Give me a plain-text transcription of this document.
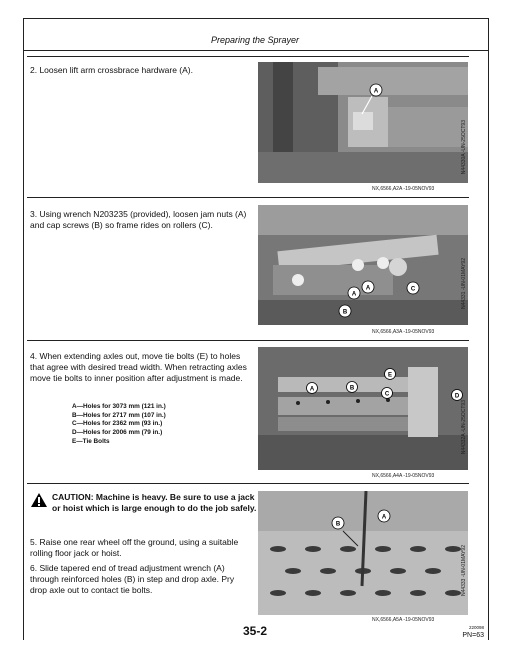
Preparing the Sprayer
2. Loosen lift arm crossbrace hardware (A).
A
N44330A -UN-25OCT93
NX,6566,A2A -19-05NOV93
3. Using wrench N203235 (provided), loosen jam nuts (A) and cap screws (B) so frame rides on rollers (C).
A
A
B
C	N44331 -UN-01MAY92
NX,6566,A3A -19-05NOV93
4. When extending axles out, move tie bolts (E) to holes that agree with desired tread width. When retracting axles move tie bolts to inner position after adjustment is made.
A—Holes for 3073 mm (121 in.)
B—Holes for 2717 mm (107 in.)
C—Holes for 2362 mm (93 in.)
D—Holes for 2006 mm (79 in.)
E—Tie Bolts
A	B
C	D
E
N44332A -UN-25OCT93
NX,6566,A4A -19-05NOV93
CAUTION: Machine is heavy. Be sure to use a jack or hoist which is large enough to do the job safely.
5. Raise one rear wheel off the ground, using a suitable rolling floor jack or hoist.
6. Slide tapered end of tread adjustment wrench (A) through reinforced holes (B) in step and drop axle. Pry drop axle out to contact tie bolts.
B
A
N44333 -UN-01MAY92
NX,6566,A5A -19-05NOV93
35-2	220098
PN=63
